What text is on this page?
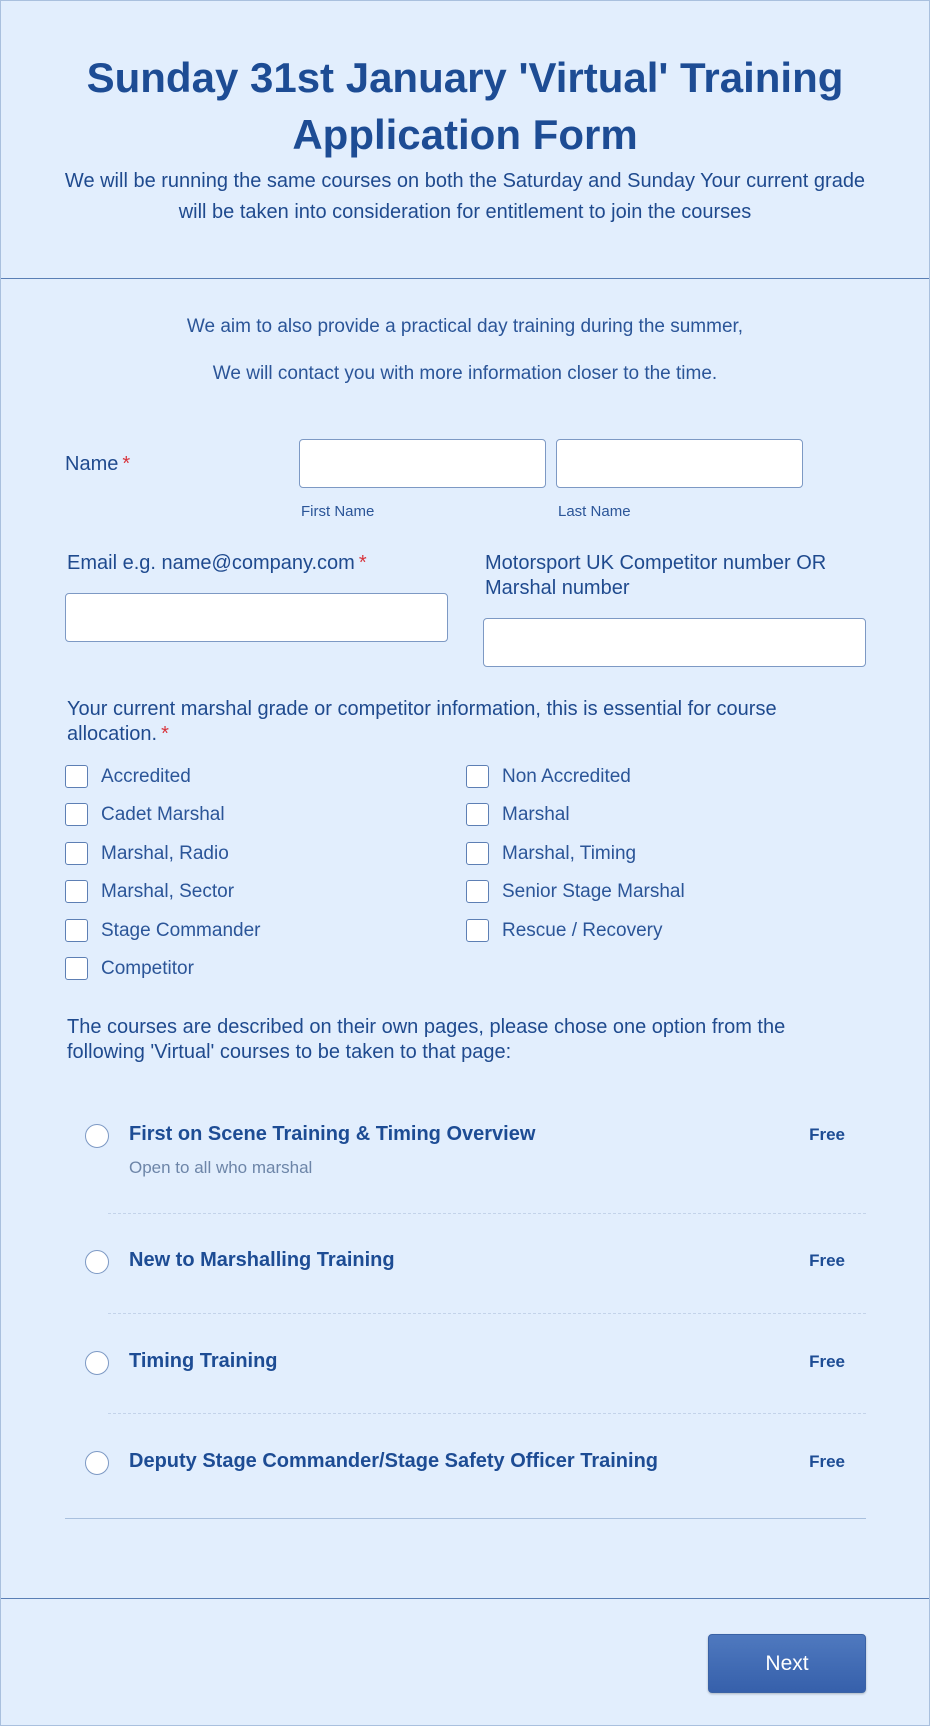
Sunday 31st January 'Virtual' Training Application Form

We will be running the same courses on both the Saturday and Sunday Your current grade will be taken into consideration for entitlement to join the courses

We aim to also provide a practical day training during the summer,
We will contact you with more information closer to the time.
Name *
First Name	Last Name
Email e.g. name@company.com *	Motorsport UK Competitor number OR Marshal number
Your current marshal grade or competitor information, this is essential for course allocation. *
Accredited	Non Accredited
Cadet Marshal	Marshal
Marshal, Radio	Marshal, Timing
Marshal, Sector	Senior Stage Marshal
Stage Commander	Rescue / Recovery
Competitor
The courses are described on their own pages, please chose one option from the following 'Virtual' courses to be taken to that page:
First on Scene Training & Timing Overview	Free
Open to all who marshal
New to Marshalling Training	Free
Timing Training	Free
Deputy Stage Commander/Stage Safety Officer Training	Free
Next
